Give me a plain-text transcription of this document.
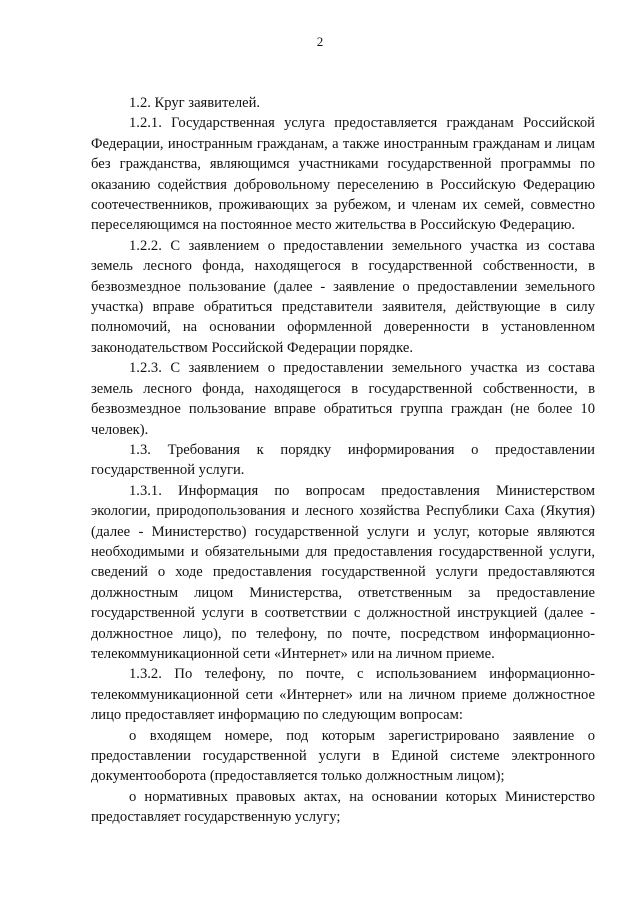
2

1.2. Круг заявителей.

1.2.1. Государственная услуга предоставляется гражданам Российской Федерации, иностранным гражданам, а также иностранным гражданам и лицам без гражданства, являющимся участниками государственной программы по оказанию содействия добровольному переселению в Российскую Федерацию соотечественников, проживающих за рубежом, и членам их семей, совместно переселяющимся на постоянное место жительства в Российскую Федерацию.

1.2.2. С заявлением о предоставлении земельного участка из состава земель лесного фонда, находящегося в государственной собственности, в безвозмездное пользование (далее - заявление о предоставлении земельного участка) вправе обратиться представители заявителя, действующие в силу полномочий, на основании оформленной доверенности в установленном законодательством Российской Федерации порядке.

1.2.3. С заявлением о предоставлении земельного участка из состава земель лесного фонда, находящегося в государственной собственности, в безвозмездное пользование вправе обратиться группа граждан (не более 10 человек).

1.3. Требования к порядку информирования о предоставлении государственной услуги.

1.3.1. Информация по вопросам предоставления Министерством экологии, природопользования и лесного хозяйства Республики Саха (Якутия) (далее - Министерство) государственной услуги и услуг, которые являются необходимыми и обязательными для предоставления государственной услуги, сведений о ходе предоставления государственной услуги предоставляются должностным лицом Министерства, ответственным за предоставление государственной услуги в соответствии с должностной инструкцией (далее - должностное лицо), по телефону, по почте, посредством информационно-телекоммуникационной сети «Интернет» или на личном приеме.

1.3.2. По телефону, по почте, с использованием информационно-телекоммуникационной сети «Интернет» или на личном приеме должностное лицо предоставляет информацию по следующим вопросам:

о входящем номере, под которым зарегистрировано заявление о предоставлении государственной услуги в Единой системе электронного документооборота (предоставляется только должностным лицом);

о нормативных правовых актах, на основании которых Министерство предоставляет государственную услугу;
